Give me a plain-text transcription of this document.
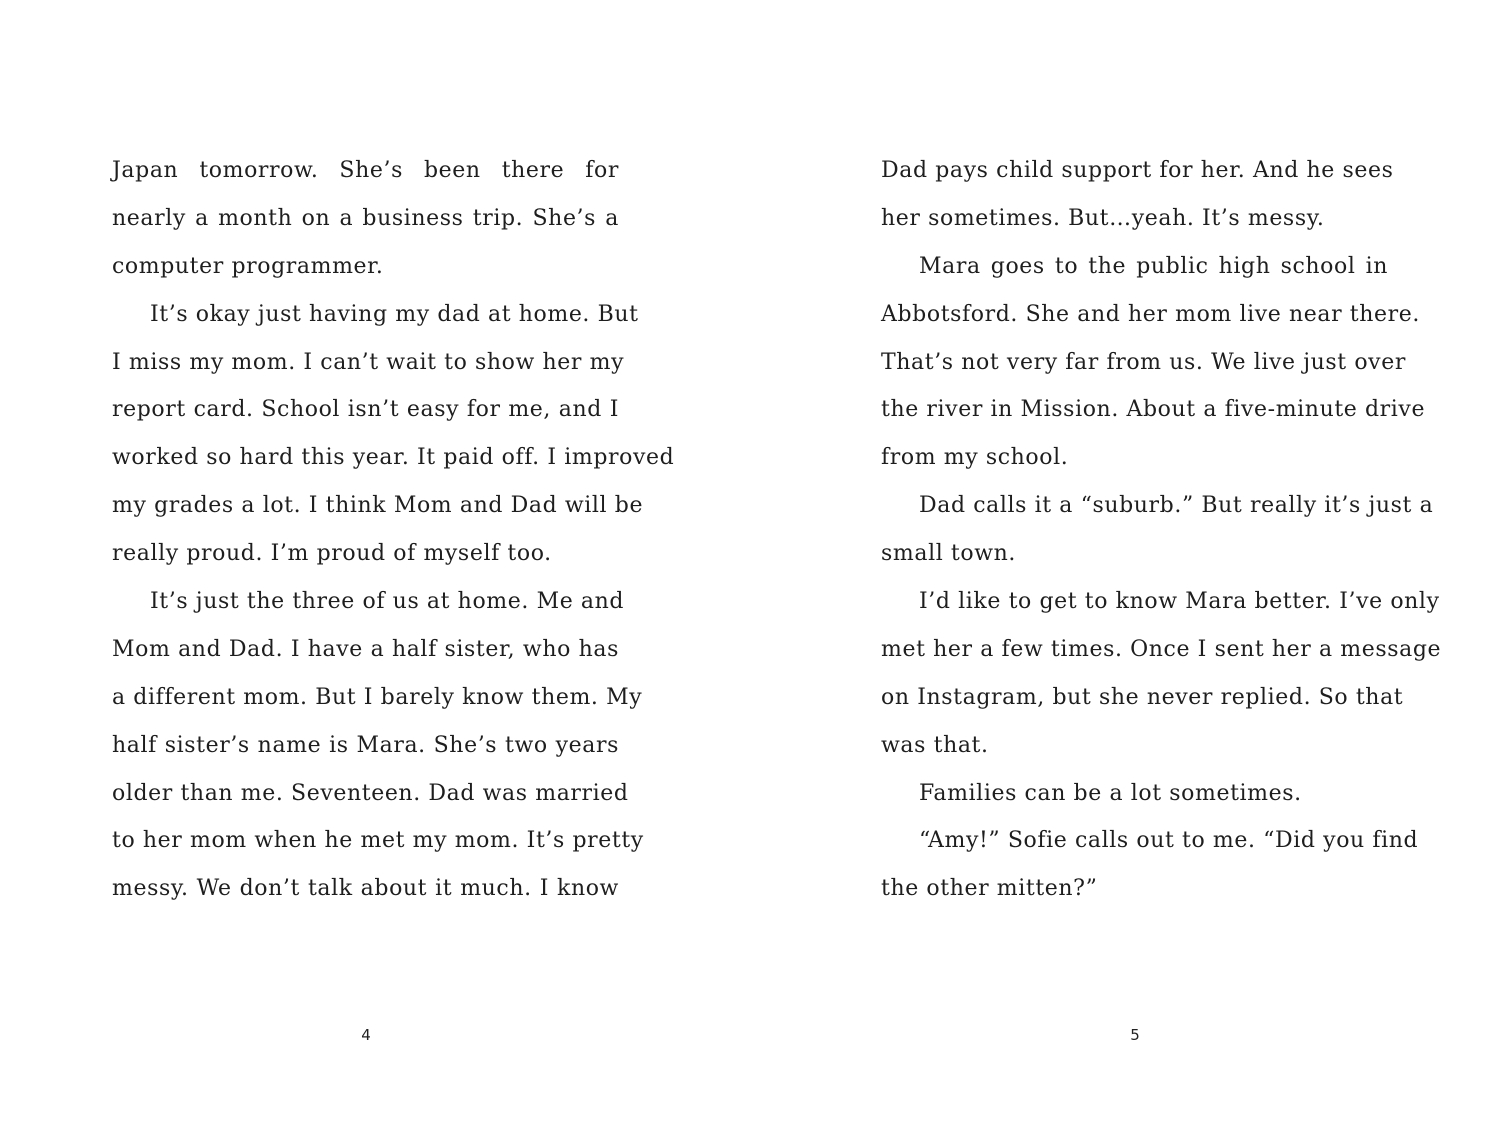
Japan tomorrow. She’s been there for
nearly a month on a business trip. She’s a
computer programmer.
It’s okay just having my dad at home. But
I miss my mom. I can’t wait to show her my
report card. School isn’t easy for me, and I
worked so hard this year. It paid off. I improved
my grades a lot. I think Mom and Dad will be
really proud. I’m proud of myself too.
It’s just the three of us at home. Me and
Mom and Dad. I have a half sister, who has
a different mom. But I barely know them. My
half sister’s name is Mara. She’s two years
older than me. Seventeen. Dad was married
to her mom when he met my mom. It’s pretty
messy. We don’t talk about it much. I know
4
Dad pays child support for her. And he sees
her sometimes. But…yeah. It’s messy.
Mara goes to the public high school in
Abbotsford. She and her mom live near there.
That’s not very far from us. We live just over
the river in Mission. About a five-minute drive
from my school.
Dad calls it a “suburb.” But really it’s just a
small town.
I’d like to get to know Mara better. I’ve only
met her a few times. Once I sent her a message
on Instagram, but she never replied. So that
was that.
Families can be a lot sometimes.
“Amy!” Sofie calls out to me. “Did you find
the other mitten?”
5
